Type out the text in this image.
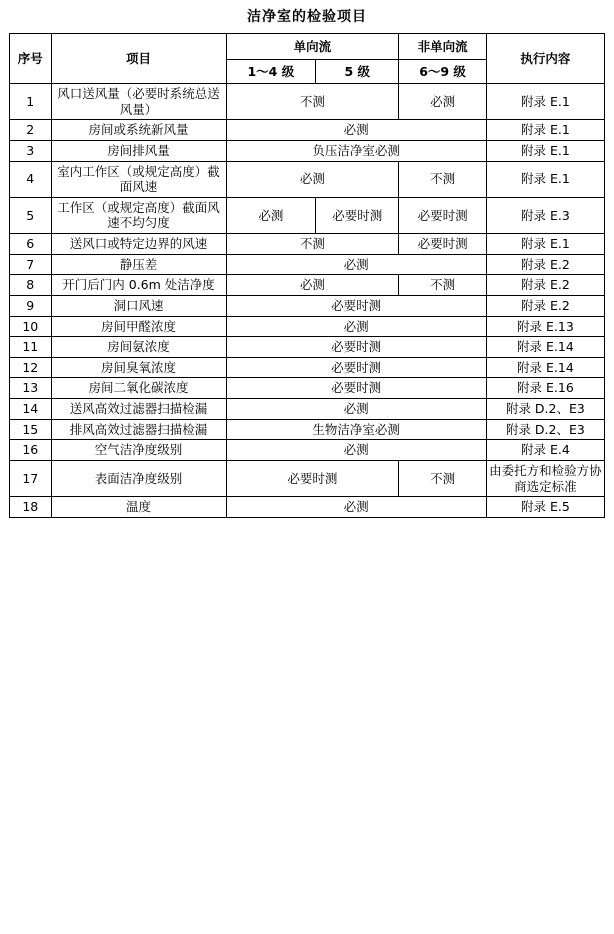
洁净室的检验项目
序号	项目	单向流		非单向流	执行内容
		1～4 级	5 级	6～9 级	
1	风口送风量（必要时系统总送风量）	不测		必测	附录 E.1
2	房间或系统新风量	必测			附录 E.1
3	房间排风量	负压洁净室必测			附录 E.1
4	室内工作区（或规定高度）截面风速	必测		不测	附录 E.1
5	工作区（或规定高度）截面风速不均匀度	必测	必要时测	必要时测	附录 E.3
6	送风口或特定边界的风速	不测		必要时测	附录 E.1
7	静压差	必测			附录 E.2
8	开门后门内 0.6m 处洁净度	必测		不测	附录 E.2
9	洞口风速	必要时测			附录 E.2
10	房间甲醛浓度	必测			附录 E.13
11	房间氨浓度	必要时测			附录 E.14
12	房间臭氧浓度	必要时测			附录 E.14
13	房间二氧化碳浓度	必要时测			附录 E.16
14	送风高效过滤器扫描检漏	必测			附录 D.2、E3
15	排风高效过滤器扫描检漏	生物洁净室必测			附录 D.2、E3
16	空气洁净度级别	必测			附录 E.4
17	表面洁净度级别	必要时测		不测	由委托方和检验方协商选定标准
18	温度	必测			附录 E.5
